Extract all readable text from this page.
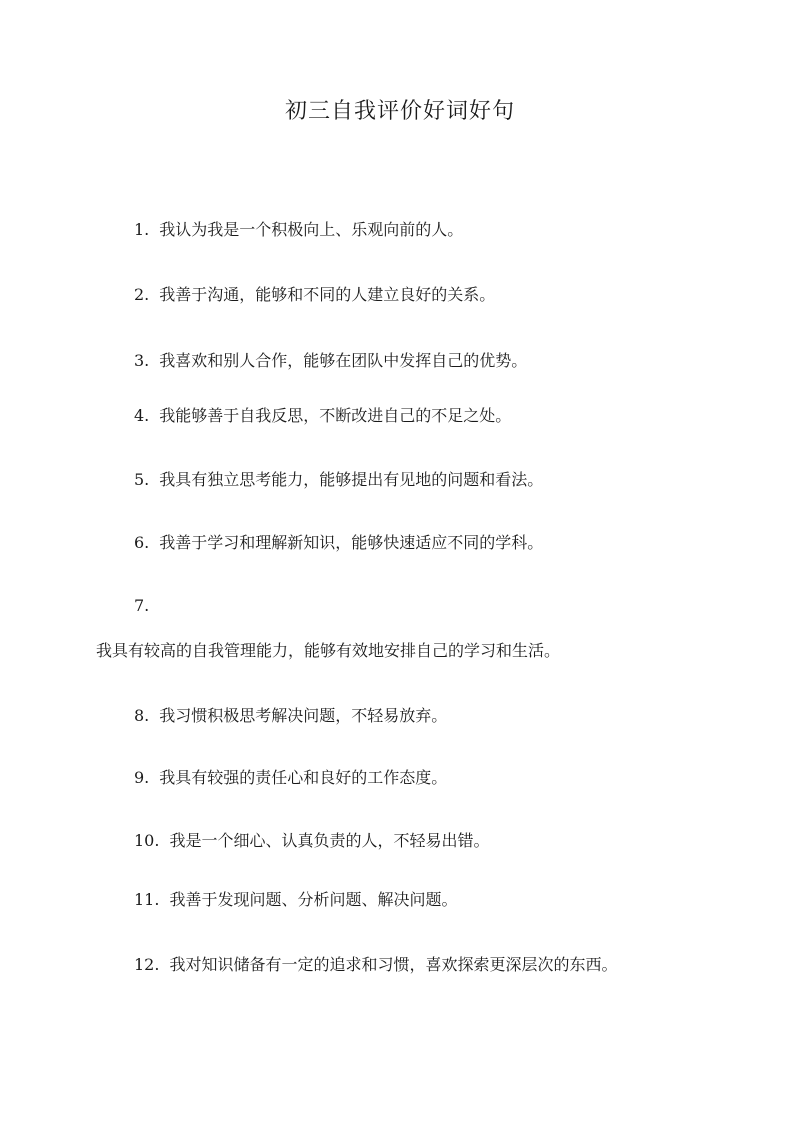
初三自我评价好词好句

1. 我认为我是一个积极向上、乐观向前的人。

2. 我善于沟通，能够和不同的人建立良好的关系。

3. 我喜欢和别人合作，能够在团队中发挥自己的优势。

4. 我能够善于自我反思，不断改进自己的不足之处。

5. 我具有独立思考能力，能够提出有见地的问题和看法。

6. 我善于学习和理解新知识，能够快速适应不同的学科。

7.

我具有较高的自我管理能力，能够有效地安排自己的学习和生活。

8. 我习惯积极思考解决问题，不轻易放弃。

9. 我具有较强的责任心和良好的工作态度。

10. 我是一个细心、认真负责的人，不轻易出错。

11. 我善于发现问题、分析问题、解决问题。

12. 我对知识储备有一定的追求和习惯，喜欢探索更深层次的东西。
